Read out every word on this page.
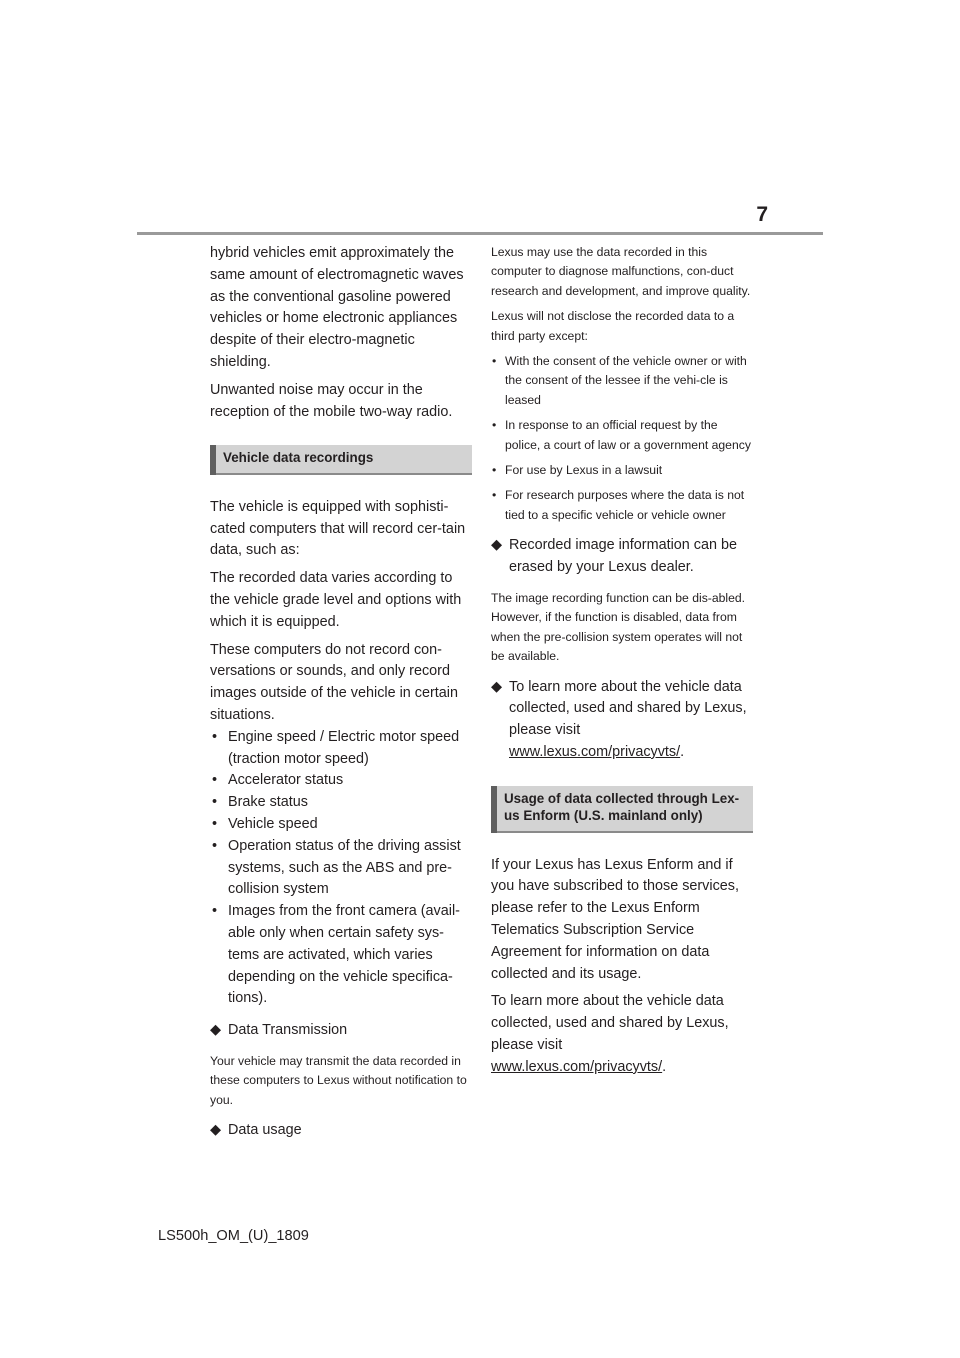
7

hybrid vehicles emit approximately the same amount of electromagnetic waves as the conventional gasoline powered vehicles or home electronic appliances despite of their electro-magnetic shielding.

Unwanted noise may occur in the reception of the mobile two-way radio.

Vehicle data recordings

The vehicle is equipped with sophisti-cated computers that will record cer-tain data, such as:

The recorded data varies according to the vehicle grade level and options with which it is equipped.

These computers do not record con-versations or sounds, and only record images outside of the vehicle in certain situations.

• Engine speed / Electric motor speed (traction motor speed)
• Accelerator status
• Brake status
• Vehicle speed
• Operation status of the driving assist systems, such as the ABS and pre-collision system
• Images from the front camera (avail-able only when certain safety sys-tems are activated, which varies depending on the vehicle specifica-tions).
◆ Data Transmission

Your vehicle may transmit the data recorded in these computers to Lexus without notification to you.

◆ Data usage

Lexus may use the data recorded in this computer to diagnose malfunctions, con-duct research and development, and improve quality.

Lexus will not disclose the recorded data to a third party except:

• With the consent of the vehicle owner or with the consent of the lessee if the vehi-cle is leased
• In response to an official request by the police, a court of law or a government agency
• For use by Lexus in a lawsuit
• For research purposes where the data is not tied to a specific vehicle or vehicle owner
◆ Recorded image information can be erased by your Lexus dealer.

The image recording function can be dis-abled. However, if the function is disabled, data from when the pre-collision system operates will not be available.

◆ To learn more about the vehicle data collected, used and shared by Lexus, please visit
www.lexus.com/privacyvts/.
Usage of data collected through Lex-us Enform (U.S. mainland only)

If your Lexus has Lexus Enform and if you have subscribed to those services, please refer to the Lexus Enform Telematics Subscription Service Agreement for information on data collected and its usage.

To learn more about the vehicle data collected, used and shared by Lexus, please visit
www.lexus.com/privacyvts/.

LS500h_OM_(U)_1809
